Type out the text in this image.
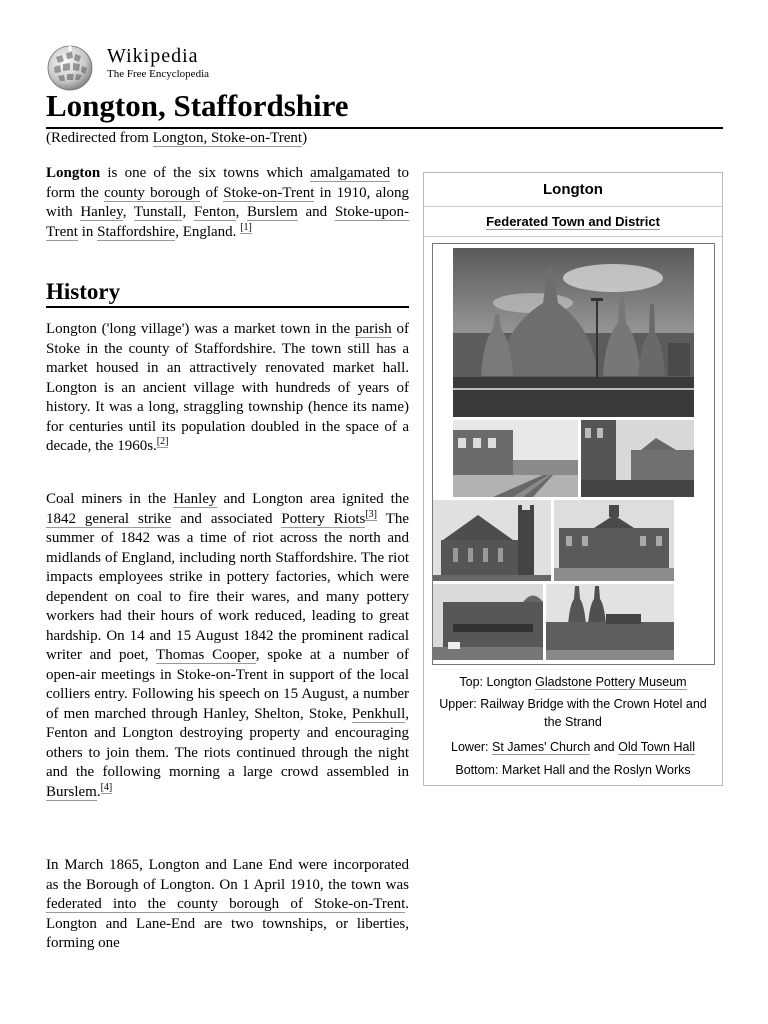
Wikipedia
The Free Encyclopedia
Longton, Staffordshire
(Redirected from Longton, Stoke-on-Trent)

Longton is one of the six towns which amalgamated to form the county borough of Stoke-on-Trent in 1910, along with Hanley, Tunstall, Fenton, Burslem and Stoke-upon-Trent in Staffordshire, England. [1]

History

Longton ('long village') was a market town in the parish of Stoke in the county of Staffordshire. The town still has a market housed in an attractively renovated market hall. Longton is an ancient village with hundreds of years of history. It was a long, straggling township (hence its name) for centuries until its population doubled in the space of a decade, the 1960s.[2]

Coal miners in the Hanley and Longton area ignited the 1842 general strike and associated Pottery Riots[3] The summer of 1842 was a time of riot across the north and midlands of England, including north Staffordshire. The riot impacts employees strike in pottery factories, which were dependent on coal to fire their wares, and many pottery workers had their hours of work reduced, leading to great hardship. On 14 and 15 August 1842 the prominent radical writer and poet, Thomas Cooper, spoke at a number of open-air meetings in Stoke-on-Trent in support of the local colliers entry. Following his speech on 15 August, a number of men marched through Hanley, Shelton, Stoke, Penkhull, Fenton and Longton destroying property and encouraging others to join them. The riots continued through the night and the following morning a large crowd assembled in Burslem.[4]

In March 1865, Longton and Lane End were incorporated as the Borough of Longton. On 1 April 1910, the town was federated into the county borough of Stoke-on-Trent. Longton and Lane-End are two townships, or liberties, forming one

Longton
Federated Town and District
Top: Longton Gladstone Pottery Museum
Upper: Railway Bridge with the Crown Hotel and the Strand
Lower: St James' Church and Old Town Hall
Bottom: Market Hall and the Roslyn Works
